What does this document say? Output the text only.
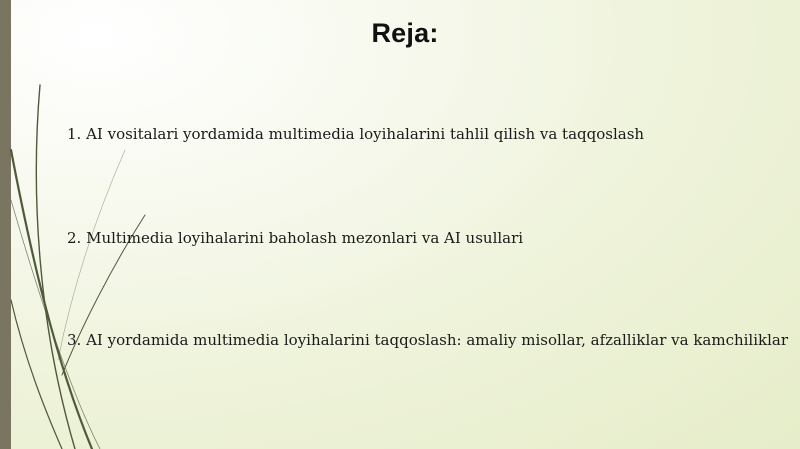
Reja:

1. AI vositalari yordamida multimedia loyihalarini tahlil qilish va taqqoslash

2. Multimedia loyihalarini baholash mezonlari va AI usullari

3. AI yordamida multimedia loyihalarini taqqoslash: amaliy misollar, afzalliklar va kamchiliklar
